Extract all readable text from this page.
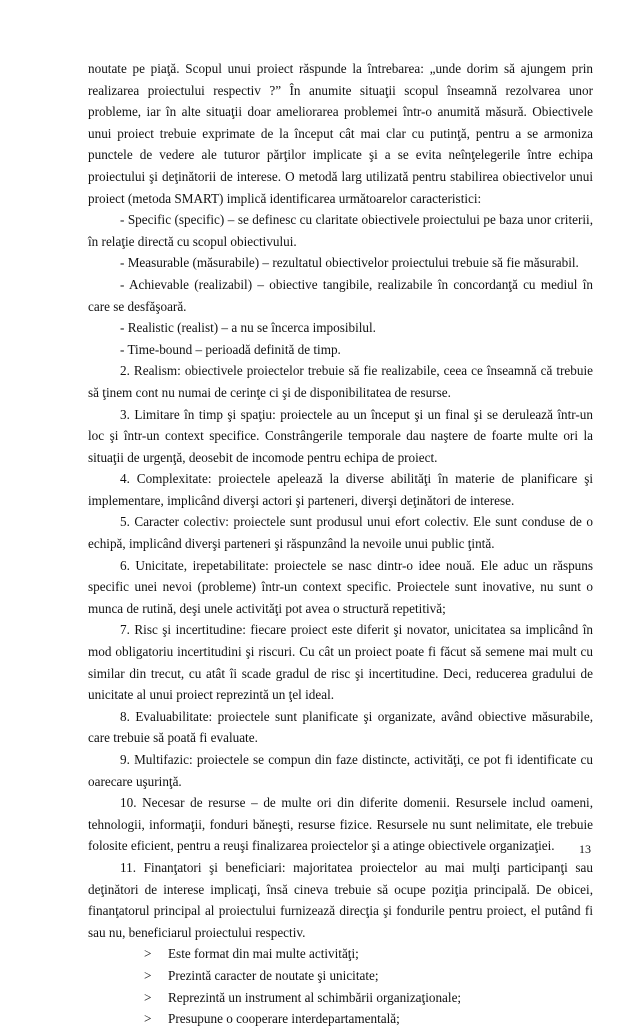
noutate pe piaţă. Scopul unui proiect răspunde la întrebarea: „unde dorim să ajungem prin realizarea proiectului respectiv ?” În anumite situaţii scopul înseamnă rezolvarea unor probleme, iar în alte situaţii doar ameliorarea problemei într-o anumită măsură. Obiectivele unui proiect trebuie exprimate de la început cât mai clar cu putinţă, pentru a se armoniza punctele de vedere ale tuturor părţilor implicate şi a se evita neînţelegerile între echipa proiectului şi deţinătorii de interese. O metodă larg utilizată pentru stabilirea obiectivelor unui proiect (metoda SMART) implică identificarea următoarelor caracteristici:

- Specific (specific) – se definesc cu claritate obiectivele proiectului pe baza unor criterii, în relaţie directă cu scopul obiectivului.

- Measurable (măsurabile) – rezultatul obiectivelor proiectului trebuie să fie măsurabil.

- Achievable (realizabil) – obiective tangibile, realizabile în concordanţă cu mediul în care se desfăşoară.

- Realistic (realist) – a nu se încerca imposibilul.

- Time-bound – perioadă definită de timp.

2. Realism: obiectivele proiectelor trebuie să fie realizabile, ceea ce înseamnă că trebuie să ţinem cont nu numai de cerinţe ci şi de disponibilitatea de resurse.

3. Limitare în timp şi spaţiu: proiectele au un început şi un final şi se derulează într-un loc şi într-un context specifice. Constrângerile temporale dau naştere de foarte multe ori la situaţii de urgenţă, deosebit de incomode pentru echipa de proiect.

4. Complexitate: proiectele apelează la diverse abilităţi în materie de planificare şi implementare, implicând diverşi actori şi parteneri, diverşi deţinători de interese.

5. Caracter colectiv: proiectele sunt produsul unui efort colectiv. Ele sunt conduse de o echipă, implicând diverşi parteneri şi răspunzând la nevoile unui public ţintă.

6. Unicitate, irepetabilitate: proiectele se nasc dintr-o idee nouă. Ele aduc un răspuns specific unei nevoi (probleme) într-un context specific. Proiectele sunt inovative, nu sunt o munca de rutină, deşi unele activităţi pot avea o structură repetitivă;

7. Risc şi incertitudine: fiecare proiect este diferit şi novator, unicitatea sa implicând în mod obligatoriu incertitudini şi riscuri. Cu cât un proiect poate fi făcut să semene mai mult cu similar din trecut, cu atât îi scade gradul de risc şi incertitudine. Deci, reducerea gradului de unicitate al unui proiect reprezintă un ţel ideal.

8. Evaluabilitate: proiectele sunt planificate şi organizate, având obiective măsurabile, care trebuie să poată fi evaluate.

9. Multifazic: proiectele se compun din faze distincte, activităţi, ce pot fi identificate cu oarecare uşurinţă.

10. Necesar de resurse – de multe ori din diferite domenii. Resursele includ oameni, tehnologii, informaţii, fonduri băneşti, resurse fizice. Resursele nu sunt nelimitate, ele trebuie folosite eficient, pentru a reuşi finalizarea proiectelor şi a atinge obiectivele organizaţiei.

11. Finanţatori şi beneficiari: majoritatea proiectelor au mai mulţi participanţi sau deţinători de interese implicaţi, însă cineva trebuie să ocupe poziţia principală. De obicei, finanţatorul principal al proiectului furnizează direcţia şi fondurile pentru proiect, el putând fi sau nu, beneficiarul proiectului respectiv.

>	Este format din mai multe activităţi;
>	Prezintă caracter de noutate şi unicitate;
>	Reprezintă un instrument al schimbării organizaţionale;
>	Presupune o cooperare interdepartamentală;
13
